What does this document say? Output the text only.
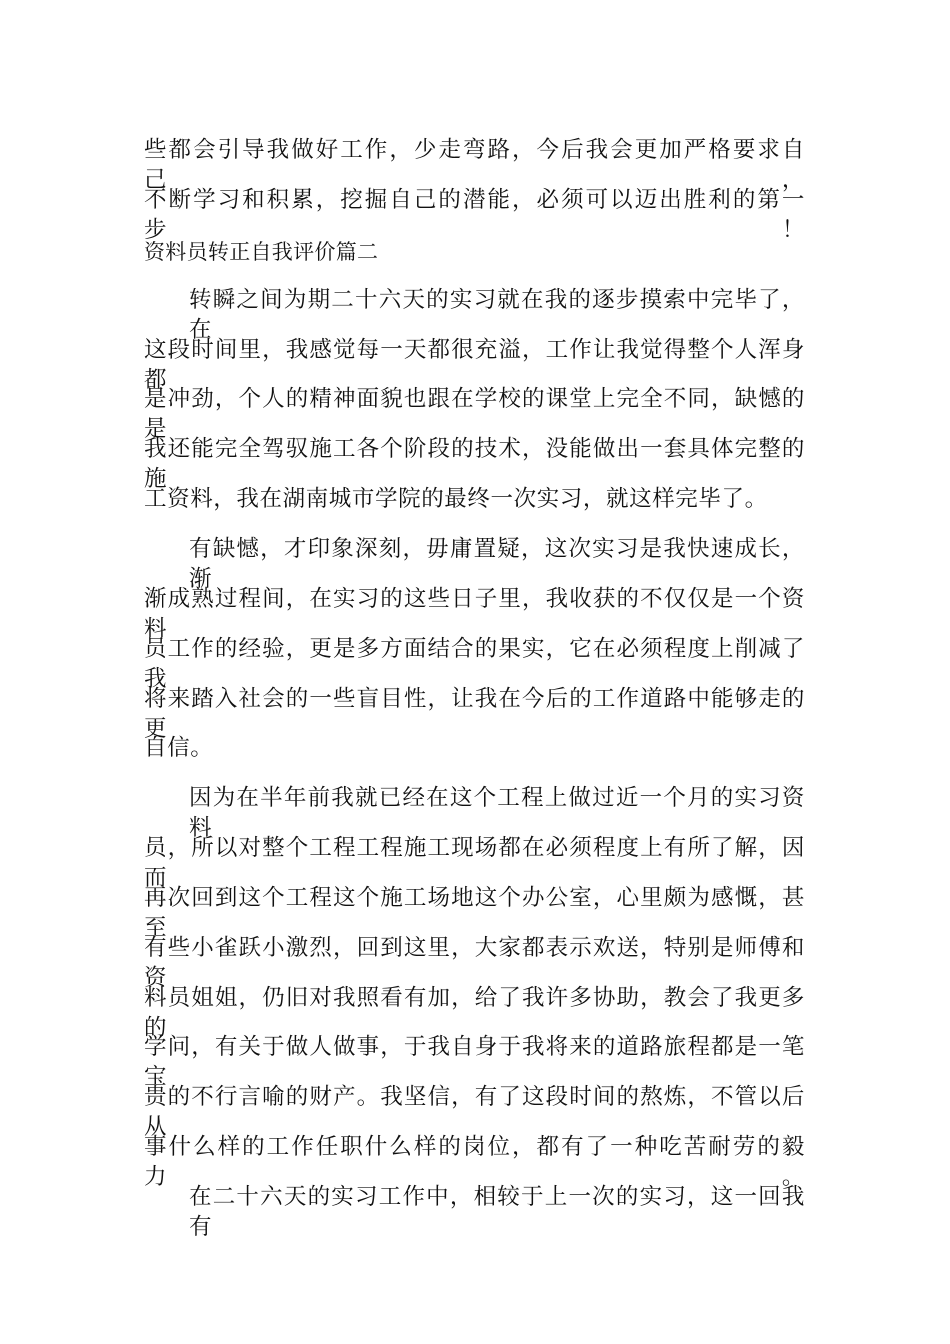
些都会引导我做好工作，少走弯路，今后我会更加严格要求自己，
不断学习和积累，挖掘自己的潜能，必须可以迈出胜利的第一步！
资料员转正自我评价篇二
转瞬之间为期二十六天的实习就在我的逐步摸索中完毕了，在
这段时间里，我感觉每一天都很充溢，工作让我觉得整个人浑身都
是冲劲，个人的精神面貌也跟在学校的课堂上完全不同，缺憾的是
我还能完全驾驭施工各个阶段的技术，没能做出一套具体完整的施
工资料，我在湖南城市学院的最终一次实习，就这样完毕了。
有缺憾，才印象深刻，毋庸置疑，这次实习是我快速成长，渐
渐成熟过程间，在实习的这些日子里，我收获的不仅仅是一个资料
员工作的经验，更是多方面结合的果实，它在必须程度上削减了我
将来踏入社会的一些盲目性，让我在今后的工作道路中能够走的更
自信。
因为在半年前我就已经在这个工程上做过近一个月的实习资料
员，所以对整个工程工程施工现场都在必须程度上有所了解，因而
再次回到这个工程这个施工场地这个办公室，心里颇为感慨，甚至
有些小雀跃小激烈，回到这里，大家都表示欢送，特别是师傅和资
料员姐姐，仍旧对我照看有加，给了我许多协助，教会了我更多的
学问，有关于做人做事，于我自身于我将来的道路旅程都是一笔宝
贵的不行言喻的财产。我坚信，有了这段时间的熬炼，不管以后从
事什么样的工作任职什么样的岗位，都有了一种吃苦耐劳的毅力。
在二十六天的实习工作中，相较于上一次的实习，这一回我有
